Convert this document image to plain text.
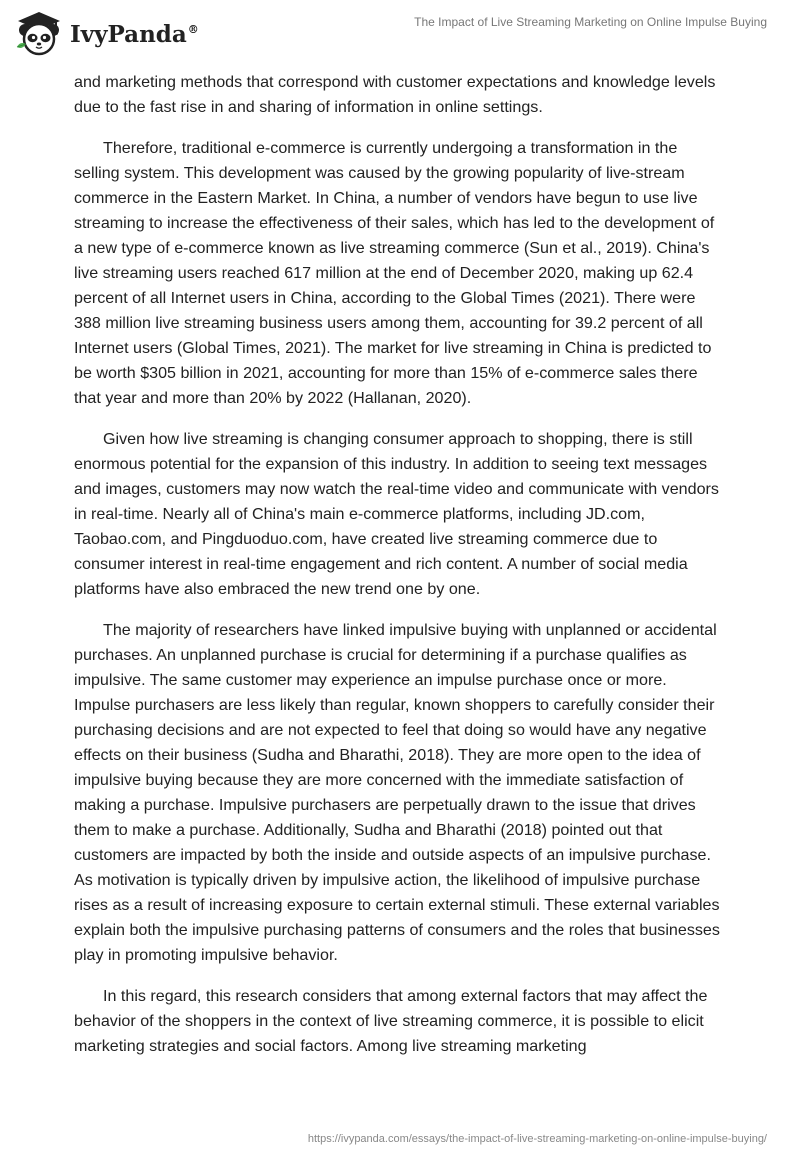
IvyPanda®
The Impact of Live Streaming Marketing on Online Impulse Buying

and marketing methods that correspond with customer expectations and knowledge levels due to the fast rise in and sharing of information in online settings.

Therefore, traditional e-commerce is currently undergoing a transformation in the selling system. This development was caused by the growing popularity of live-stream commerce in the Eastern Market. In China, a number of vendors have begun to use live streaming to increase the effectiveness of their sales, which has led to the development of a new type of e-commerce known as live streaming commerce (Sun et al., 2019). China's live streaming users reached 617 million at the end of December 2020, making up 62.4 percent of all Internet users in China, according to the Global Times (2021). There were 388 million live streaming business users among them, accounting for 39.2 percent of all Internet users (Global Times, 2021). The market for live streaming in China is predicted to be worth $305 billion in 2021, accounting for more than 15% of e-commerce sales there that year and more than 20% by 2022 (Hallanan, 2020).

Given how live streaming is changing consumer approach to shopping, there is still enormous potential for the expansion of this industry. In addition to seeing text messages and images, customers may now watch the real-time video and communicate with vendors in real-time. Nearly all of China's main e-commerce platforms, including JD.com, Taobao.com, and Pingduoduo.com, have created live streaming commerce due to consumer interest in real-time engagement and rich content. A number of social media platforms have also embraced the new trend one by one.

The majority of researchers have linked impulsive buying with unplanned or accidental purchases. An unplanned purchase is crucial for determining if a purchase qualifies as impulsive. The same customer may experience an impulse purchase once or more. Impulse purchasers are less likely than regular, known shoppers to carefully consider their purchasing decisions and are not expected to feel that doing so would have any negative effects on their business (Sudha and Bharathi, 2018). They are more open to the idea of impulsive buying because they are more concerned with the immediate satisfaction of making a purchase. Impulsive purchasers are perpetually drawn to the issue that drives them to make a purchase. Additionally, Sudha and Bharathi (2018) pointed out that customers are impacted by both the inside and outside aspects of an impulsive purchase. As motivation is typically driven by impulsive action, the likelihood of impulsive purchase rises as a result of increasing exposure to certain external stimuli. These external variables explain both the impulsive purchasing patterns of consumers and the roles that businesses play in promoting impulsive behavior.

In this regard, this research considers that among external factors that may affect the behavior of the shoppers in the context of live streaming commerce, it is possible to elicit marketing strategies and social factors. Among live streaming marketing

https://ivypanda.com/essays/the-impact-of-live-streaming-marketing-on-online-impulse-buying/
